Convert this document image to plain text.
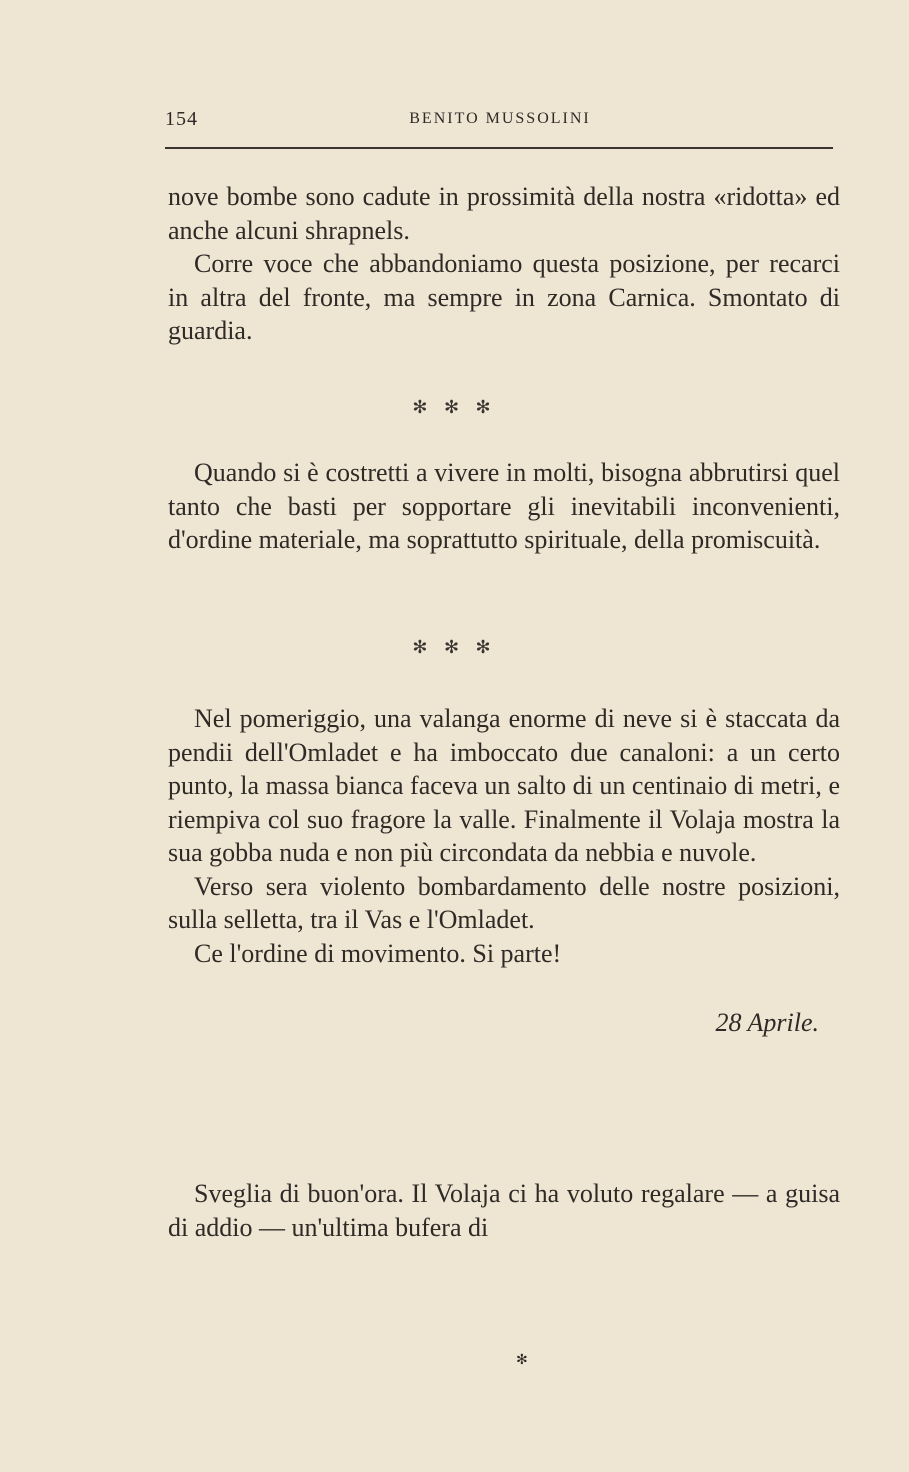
154	BENITO MUSSOLINI

nove bombe sono cadute in prossimità della nostra «ridotta» ed anche alcuni shrapnels.

Corre voce che abbandoniamo questa posizione, per recarci in altra del fronte, ma sempre in zona Carnica. Smontato di guardia.

✻ ✻ ✻

Quando si è costretti a vivere in molti, bisogna abbrutirsi quel tanto che basti per sopportare gli inevitabili inconvenienti, d'ordine materiale, ma soprattutto spirituale, della promiscuità.

✻ ✻ ✻

Nel pomeriggio, una valanga enorme di neve si è staccata da pendii dell'Omladet e ha imboccato due canaloni: a un certo punto, la massa bianca faceva un salto di un centinaio di metri, e riempiva col suo fragore la valle. Finalmente il Volaja mostra la sua gobba nuda e non più circondata da nebbia e nuvole.

Verso sera violento bombardamento delle nostre posizioni, sulla selletta, tra il Vas e l'Omladet.

Ce l'ordine di movimento. Si parte!

28 Aprile.

Sveglia di buon'ora. Il Volaja ci ha voluto regalare — a guisa di addio — un'ultima bufera di

✻
